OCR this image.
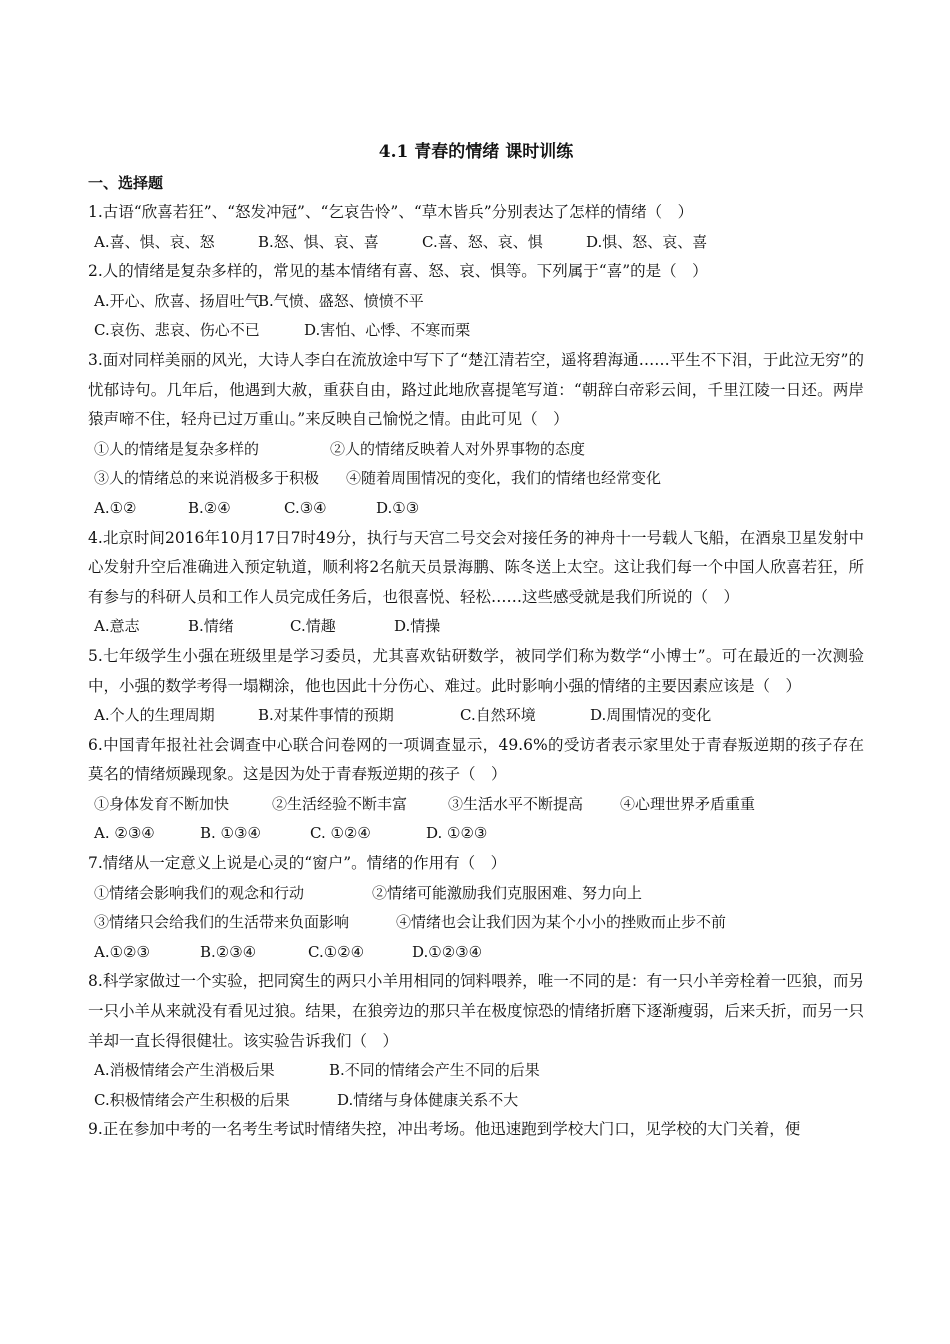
4.1 青春的情绪 课时训练
一、选择题
1.古语“欣喜若狂”、“怒发冲冠”、“乞哀告怜”、“草木皆兵”分别表达了怎样的情绪（　）
A.喜、惧、哀、怒	B.怒、惧、哀、喜	C.喜、怒、哀、惧	D.惧、怒、哀、喜
2.人的情绪是复杂多样的，常见的基本情绪有喜、怒、哀、惧等。下列属于“喜”的是（　）
A.开心、欣喜、扬眉吐气B.气愤、盛怒、愤愤不平
C.哀伤、悲哀、伤心不已	D.害怕、心悸、不寒而栗
3.面对同样美丽的风光，大诗人李白在流放途中写下了“楚江清若空，遥将碧海通……平生不下泪，于此泣无穷”的忧郁诗句。几年后，他遇到大赦，重获自由，路过此地欣喜提笔写道：“朝辞白帝彩云间，千里江陵一日还。两岸猿声啼不住，轻舟已过万重山。”来反映自己愉悦之情。由此可见（　）
①人的情绪是复杂多样的	②人的情绪反映着人对外界事物的态度
③人的情绪总的来说消极多于积极 ④随着周围情况的变化，我们的情绪也经常变化
A.①②	B.②④	C.③④	D.①③
4.北京时间2016年10月17日7时49分，执行与天宫二号交会对接任务的神舟十一号载人飞船，在酒泉卫星发射中心发射升空后准确进入预定轨道，顺利将2名航天员景海鹏、陈冬送上太空。这让我们每一个中国人欣喜若狂，所有参与的科研人员和工作人员完成任务后，也很喜悦、轻松……这些感受就是我们所说的（　）
A.意志	B.情绪	C.情趣	D.情操
5.七年级学生小强在班级里是学习委员，尤其喜欢钻研数学，被同学们称为数学“小博士”。可在最近的一次测验中，小强的数学考得一塌糊涂，他也因此十分伤心、难过。此时影响小强的情绪的主要因素应该是（　）
A.个人的生理周期	B.对某件事情的预期	C.自然环境	D.周围情况的变化
6.中国青年报社社会调查中心联合问卷网的一项调查显示，49.6%的受访者表示家里处于青春叛逆期的孩子存在莫名的情绪烦躁现象。这是因为处于青春叛逆期的孩子（　）
①身体发育不断加快	②生活经验不断丰富	③生活水平不断提高 ④心理世界矛盾重重
A. ②③④	B. ①③④	C. ①②④	D. ①②③
7.情绪从一定意义上说是心灵的“窗户”。情绪的作用有（　）
①情绪会影响我们的观念和行动	②情绪可能激励我们克服困难、努力向上
③情绪只会给我们的生活带来负面影响	④情绪也会让我们因为某个小小的挫败而止步不前
A.①②③	B.②③④	C.①②④	D.①②③④
8.科学家做过一个实验，把同窝生的两只小羊用相同的饲料喂养，唯一不同的是：有一只小羊旁栓着一匹狼，而另一只小羊从来就没有看见过狼。结果，在狼旁边的那只羊在极度惊恐的情绪折磨下逐渐瘦弱，后来夭折，而另一只羊却一直长得很健壮。该实验告诉我们（　）
A.消极情绪会产生消极后果	B.不同的情绪会产生不同的后果
C.积极情绪会产生积极的后果	D.情绪与身体健康关系不大
9.正在参加中考的一名考生考试时情绪失控，冲出考场。他迅速跑到学校大门口，见学校的大门关着，便
